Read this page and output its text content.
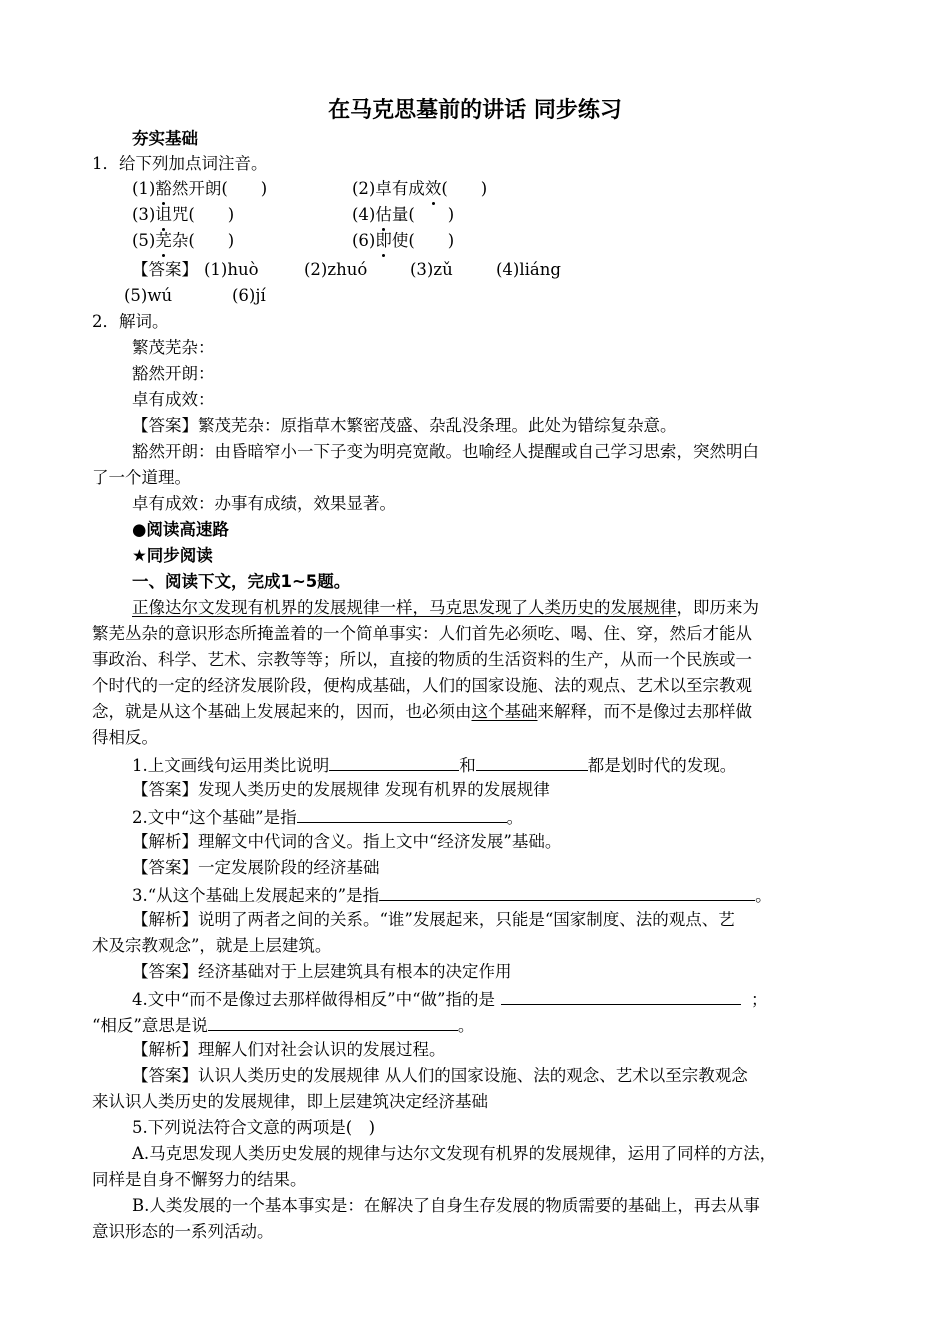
在马克思墓前的讲话 同步练习
夯实基础
1．给下列加点词注音。
(1)豁然开朗(　　)	(2)卓有成效(　　)
(3)诅咒(　　)	(4)估量(　　)
(5)芜杂(　　)	(6)即使(　　)
【答案】 (1)huò	(2)zhuó	(3)zǔ	(4)liáng
(5)wú	(6)jí
2．解词。
繁茂芜杂：
豁然开朗：
卓有成效：
【答案】繁茂芜杂：原指草木繁密茂盛、杂乱没条理。此处为错综复杂意。
豁然开朗：由昏暗窄小一下子变为明亮宽敞。也喻经人提醒或自己学习思索，突然明白
了一个道理。
卓有成效：办事有成绩，效果显著。
●阅读高速路
★同步阅读
一、阅读下文，完成1~5题。
正像达尔文发现有机界的发展规律一样，马克思发现了人类历史的发展规律，即历来为
繁芜丛杂的意识形态所掩盖着的一个简单事实：人们首先必须吃、喝、住、穿，然后才能从
事政治、科学、艺术、宗教等等；所以，直接的物质的生活资料的生产，从而一个民族或一
个时代的一定的经济发展阶段，便构成基础，人们的国家设施、法的观点、艺术以至宗教观
念，就是从这个基础上发展起来的，因而，也必须由这个基础来解释，而不是像过去那样做
得相反。
1.上文画线句运用类比说明	和	都是划时代的发现。
【答案】发现人类历史的发展规律 发现有机界的发展规律
2.文中“这个基础”是指	。
【解析】理解文中代词的含义。指上文中“经济发展”基础。
【答案】一定发展阶段的经济基础
3.“从这个基础上发展起来的”是指	。
【解析】说明了两者之间的关系。“谁”发展起来，只能是“国家制度、法的观点、艺
术及宗教观念”，就是上层建筑。
【答案】经济基础对于上层建筑具有根本的决定作用
4.文中“而不是像过去那样做得相反”中“做”指的是	；
“相反”意思是说	。
【解析】理解人们对社会认识的发展过程。
【答案】认识人类历史的发展规律 从人们的国家设施、法的观念、艺术以至宗教观念
来认识人类历史的发展规律，即上层建筑决定经济基础
5.下列说法符合文意的两项是(　)
A.马克思发现人类历史发展的规律与达尔文发现有机界的发展规律，运用了同样的方法，
同样是自身不懈努力的结果。
B.人类发展的一个基本事实是：在解决了自身生存发展的物质需要的基础上，再去从事
意识形态的一系列活动。
